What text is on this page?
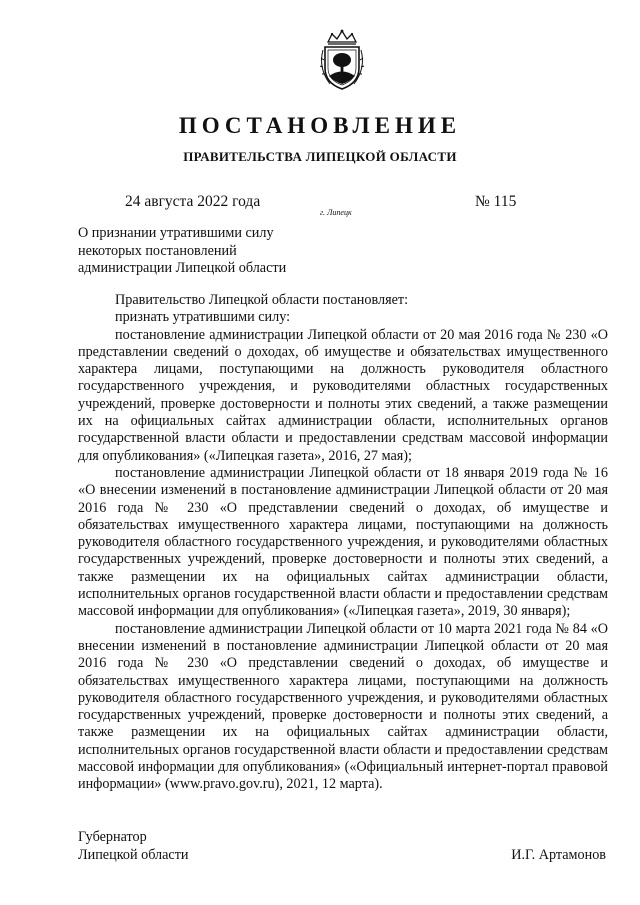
ПОСТАНОВЛЕНИЕ
ПРАВИТЕЛЬСТВА ЛИПЕЦКОЙ ОБЛАСТИ
24 августа 2022 года	№ 115
г. Липецк
О признании утратившими силу
некоторых постановлений
администрации Липецкой области

Правительство Липецкой области постановляет:

признать утратившими силу:

постановление администрации Липецкой области от 20 мая 2016 года № 230 «О представлении сведений о доходах, об имуществе и обязательствах имущественного характера лицами, поступающими на должность руководителя областного государственного учреждения, и руководителями областных государственных учреждений, проверке достоверности и полноты этих сведений, а также размещении их на официальных сайтах администрации области, исполнительных органов государственной власти области и предоставлении средствам массовой информации для опубликования» («Липецкая газета», 2016, 27 мая);

постановление администрации Липецкой области от 18 января 2019 года № 16 «О внесении изменений в постановление администрации Липецкой области от 20 мая 2016 года № 230 «О представлении сведений о доходах, об имуществе и обязательствах имущественного характера лицами, поступающими на должность руководителя областного государственного учреждения, и руководителями областных государственных учреждений, проверке достоверности и полноты этих сведений, а также размещении их на официальных сайтах администрации области, исполнительных органов государственной власти области и предоставлении средствам массовой информации для опубликования» («Липецкая газета», 2019, 30 января);

постановление администрации Липецкой области от 10 марта 2021 года № 84 «О внесении изменений в постановление администрации Липецкой области от 20 мая 2016 года № 230 «О представлении сведений о доходах, об имуществе и обязательствах имущественного характера лицами, поступающими на должность руководителя областного государственного учреждения, и руководителями областных государственных учреждений, проверке достоверности и полноты этих сведений, а также размещении их на официальных сайтах администрации области, исполнительных органов государственной власти области и предоставлении средствам массовой информации для опубликования» («Официальный интернет-портал правовой информации» (www.pravo.gov.ru), 2021, 12 марта).

Губернатор
Липецкой области	И.Г. Артамонов
